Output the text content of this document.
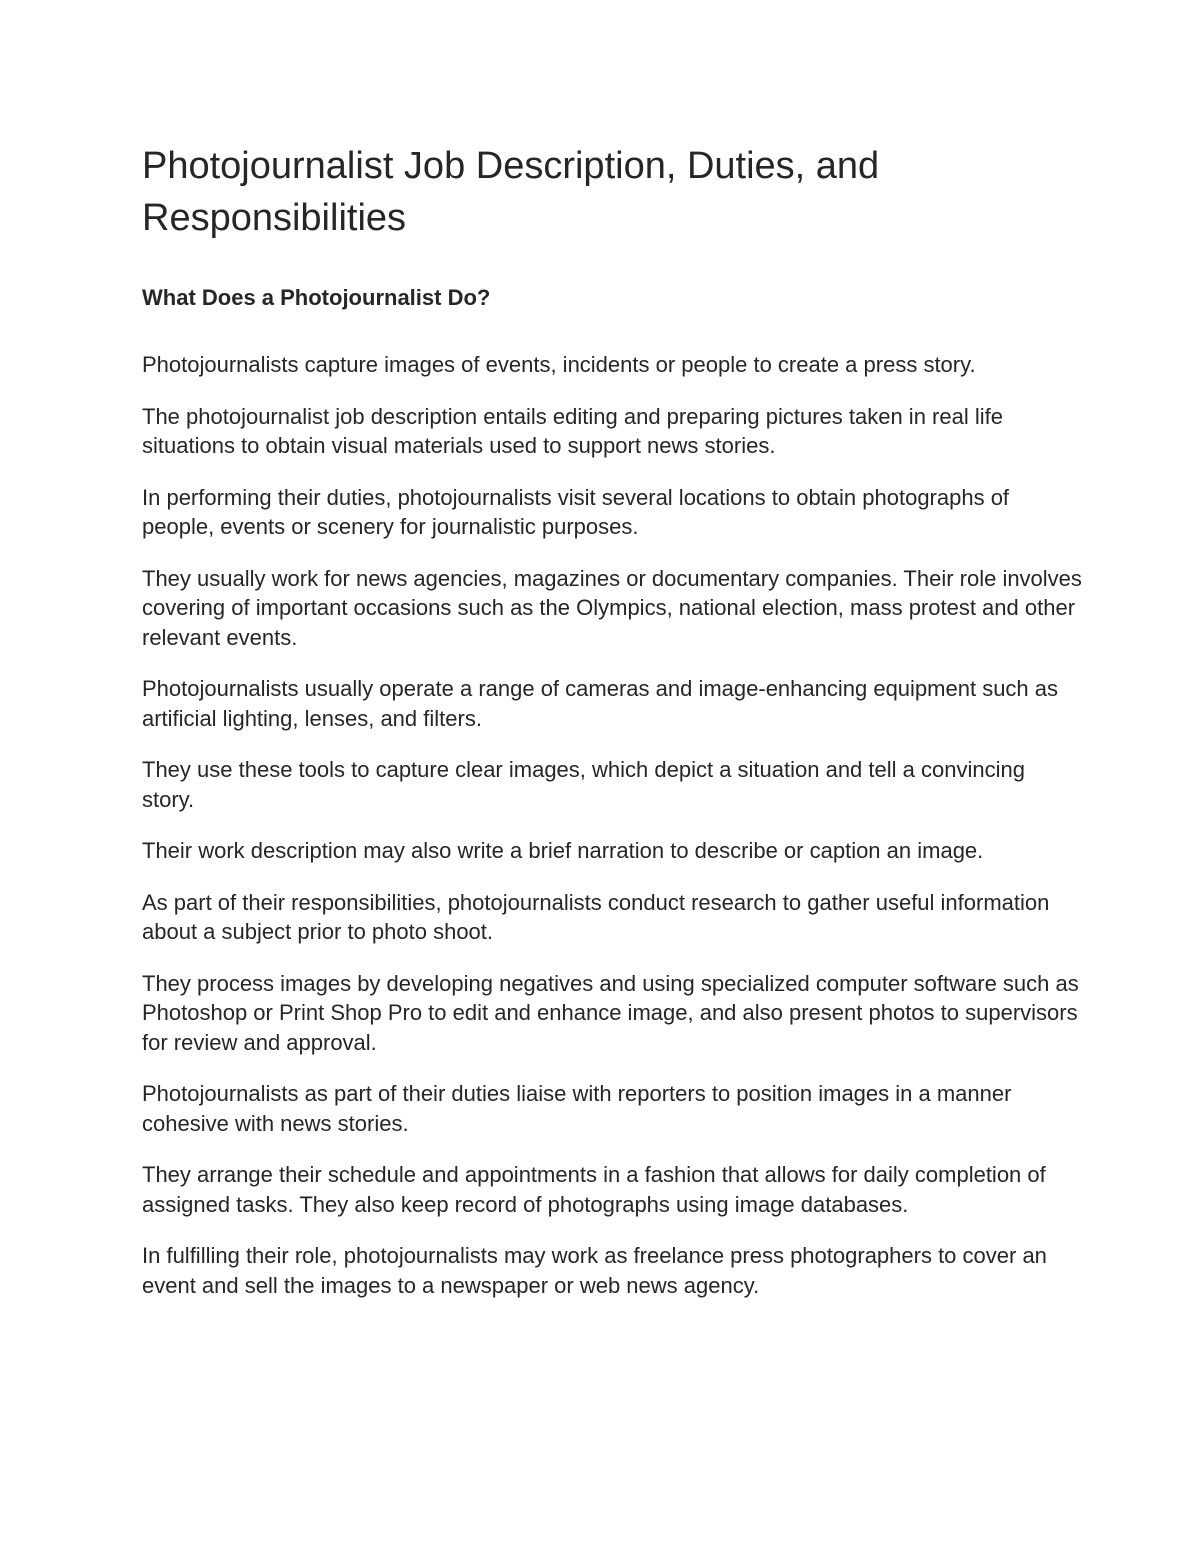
Photojournalist Job Description, Duties, and Responsibilities
What Does a Photojournalist Do?

Photojournalists capture images of events, incidents or people to create a press story.

The photojournalist job description entails editing and preparing pictures taken in real life situations to obtain visual materials used to support news stories.

In performing their duties, photojournalists visit several locations to obtain photographs of people, events or scenery for journalistic purposes.

They usually work for news agencies, magazines or documentary companies. Their role involves covering of important occasions such as the Olympics, national election, mass protest and other relevant events.

Photojournalists usually operate a range of cameras and image-enhancing equipment such as artificial lighting, lenses, and filters.

They use these tools to capture clear images, which depict a situation and tell a convincing story.

Their work description may also write a brief narration to describe or caption an image.

As part of their responsibilities, photojournalists conduct research to gather useful information about a subject prior to photo shoot.

They process images by developing negatives and using specialized computer software such as Photoshop or Print Shop Pro to edit and enhance image, and also present photos to supervisors for review and approval.

Photojournalists as part of their duties liaise with reporters to position images in a manner cohesive with news stories.

They arrange their schedule and appointments in a fashion that allows for daily completion of assigned tasks. They also keep record of photographs using image databases.

In fulfilling their role, photojournalists may work as freelance press photographers to cover an event and sell the images to a newspaper or web news agency.
